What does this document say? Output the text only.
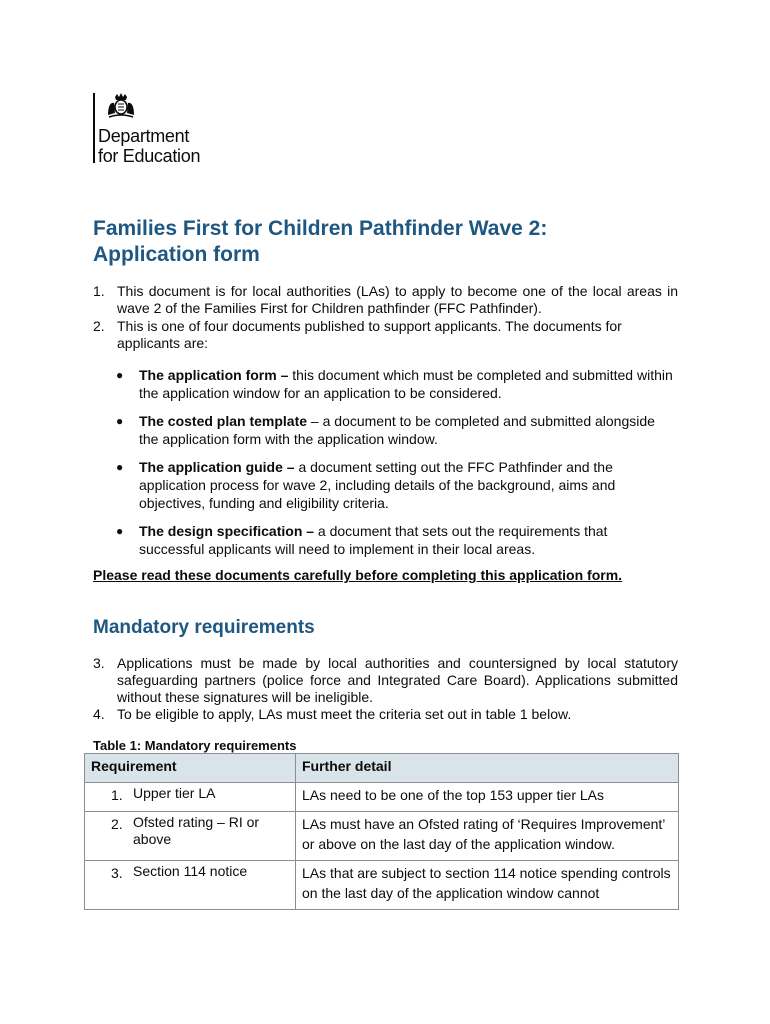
Department
for Education
Families First for Children Pathfinder Wave 2:
Application form
1. This document is for local authorities (LAs) to apply to become one of the local areas in wave 2 of the Families First for Children pathfinder (FFC Pathfinder).
2. This is one of four documents published to support applicants. The documents for applicants are:
● The application form – this document which must be completed and submitted within the application window for an application to be considered.
● The costed plan template – a document to be completed and submitted alongside the application form with the application window.
● The application guide – a document setting out the FFC Pathfinder and the application process for wave 2, including details of the background, aims and objectives, funding and eligibility criteria.
● The design specification – a document that sets out the requirements that successful applicants will need to implement in their local areas.
Please read these documents carefully before completing this application form.
Mandatory requirements
3. Applications must be made by local authorities and countersigned by local statutory safeguarding partners (police force and Integrated Care Board). Applications submitted without these signatures will be ineligible.
4. To be eligible to apply, LAs must meet the criteria set out in table 1 below.
Table 1: Mandatory requirements
Requirement	Further detail
1. Upper tier LA	LAs need to be one of the top 153 upper tier LAs
2. Ofsted rating – RI or above	LAs must have an Ofsted rating of ‘Requires Improvement’ or above on the last day of the application window.
3. Section 114 notice	LAs that are subject to section 114 notice spending controls on the last day of the application window cannot
